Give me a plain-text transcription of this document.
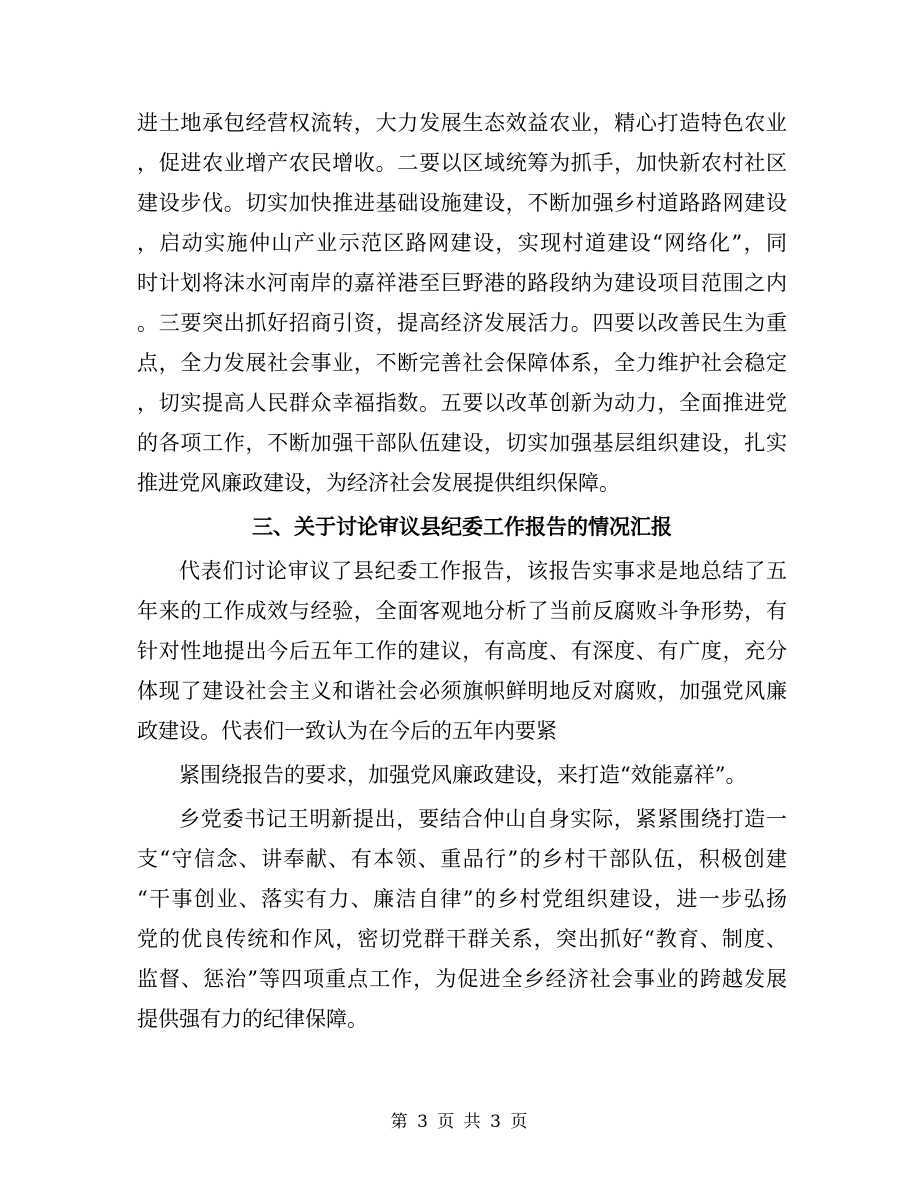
进土地承包经营权流转，大力发展生态效益农业，精心打造特色农业
，促进农业增产农民增收。二要以区域统筹为抓手，加快新农村社区
建设步伐。切实加快推进基础设施建设，不断加强乡村道路路网建设
，启动实施仲山产业示范区路网建设，实现村道建设“网络化”，同
时计划将沫水河南岸的嘉祥港至巨野港的路段纳为建设项目范围之内
。三要突出抓好招商引资，提高经济发展活力。四要以改善民生为重
点，全力发展社会事业，不断完善社会保障体系，全力维护社会稳定
，切实提高人民群众幸福指数。五要以改革创新为动力，全面推进党
的各项工作，不断加强干部队伍建设，切实加强基层组织建设，扎实
推进党风廉政建设，为经济社会发展提供组织保障。
三、关于讨论审议县纪委工作报告的情况汇报
代表们讨论审议了县纪委工作报告，该报告实事求是地总结了五
年来的工作成效与经验，全面客观地分析了当前反腐败斗争形势，有
针对性地提出今后五年工作的建议，有高度、有深度、有广度，充分
体现了建设社会主义和谐社会必须旗帜鲜明地反对腐败，加强党风廉
政建设。代表们一致认为在今后的五年内要紧
紧围绕报告的要求，加强党风廉政建设，来打造“效能嘉祥”。
乡党委书记王明新提出，要结合仲山自身实际，紧紧围绕打造一
支“守信念、讲奉献、有本领、重品行”的乡村干部队伍，积极创建
“干事创业、落实有力、廉洁自律”的乡村党组织建设，进一步弘扬
党的优良传统和作风，密切党群干群关系，突出抓好“教育、制度、
监督、惩治”等四项重点工作，为促进全乡经济社会事业的跨越发展
提供强有力的纪律保障。
第 3 页 共 3 页
